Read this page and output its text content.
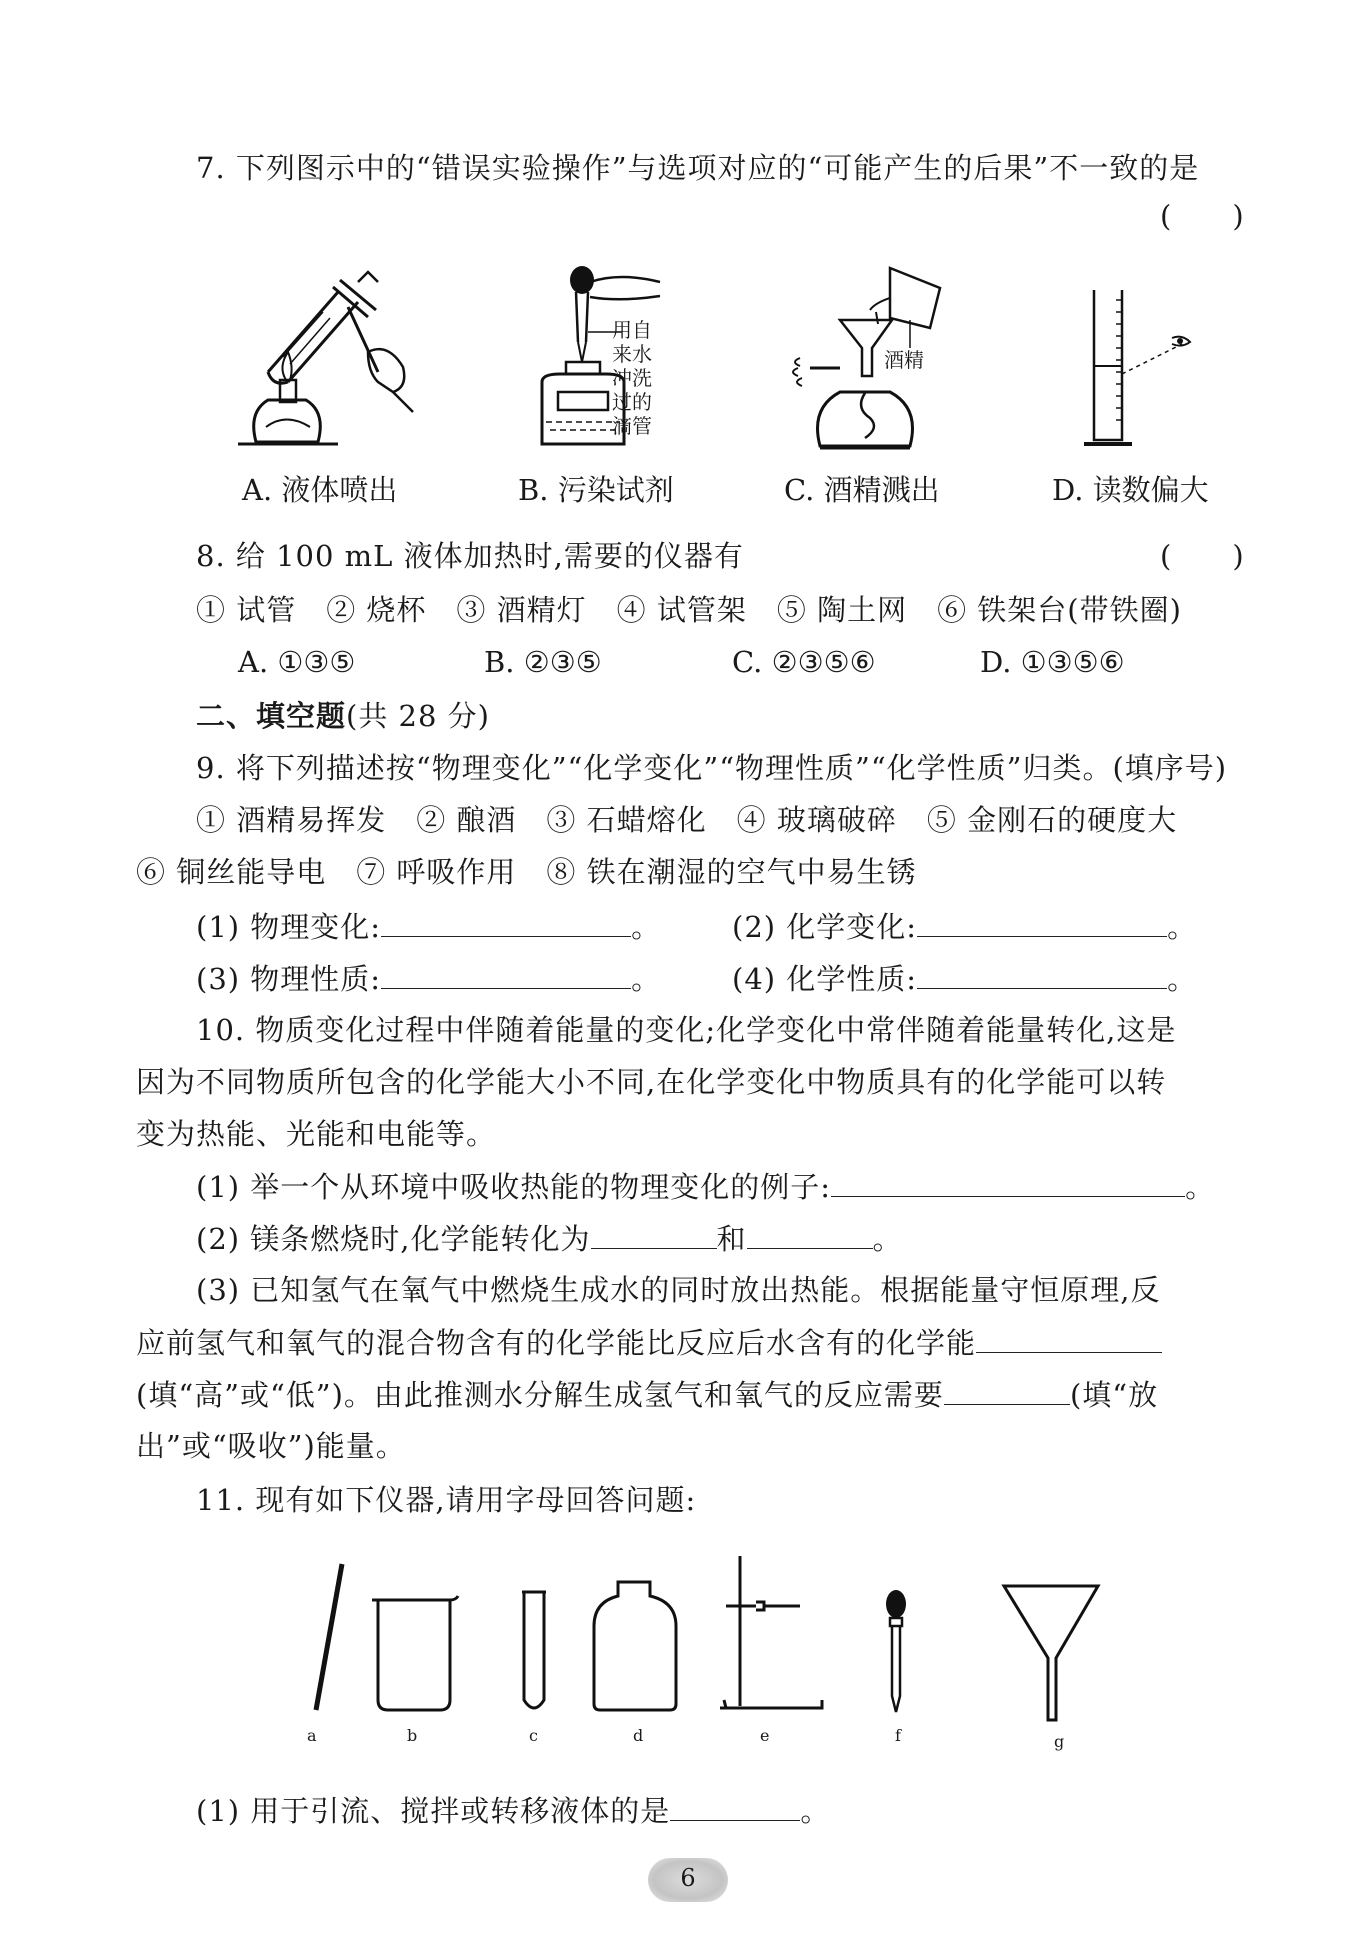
7. 下列图示中的“错误实验操作”与选项对应的“可能产生的后果”不一致的是
(　　)
用自
来水
冲洗
过的
滴管
酒精
A. 液体喷出	B. 污染试剂	C. 酒精溅出	D. 读数偏大
8. 给 100 mL 液体加热时,需要的仪器有	(　　)
① 试管　② 烧杯　③ 酒精灯　④ 试管架　⑤ 陶土网　⑥ 铁架台(带铁圈)
A. ①③⑤	B. ②③⑤	C. ②③⑤⑥	D. ①③⑤⑥
二、填空题(共 28 分)
9. 将下列描述按“物理变化”“化学变化”“物理性质”“化学性质”归类。(填序号)
① 酒精易挥发　② 酿酒　③ 石蜡熔化　④ 玻璃破碎　⑤ 金刚石的硬度大
⑥ 铜丝能导电　⑦ 呼吸作用　⑧ 铁在潮湿的空气中易生锈
(1) 物理变化:	。 (2) 化学变化:	。
(3) 物理性质:	。 (4) 化学性质:	。
10. 物质变化过程中伴随着能量的变化;化学变化中常伴随着能量转化,这是
因为不同物质所包含的化学能大小不同,在化学变化中物质具有的化学能可以转
变为热能、光能和电能等。
(1) 举一个从环境中吸收热能的物理变化的例子:	。
(2) 镁条燃烧时,化学能转化为	和	。
(3) 已知氢气在氧气中燃烧生成水的同时放出热能。根据能量守恒原理,反
应前氢气和氧气的混合物含有的化学能比反应后水含有的化学能
(填“高”或“低”)。由此推测水分解生成氢气和氧气的反应需要	(填“放
出”或“吸收”)能量。
11. 现有如下仪器,请用字母回答问题:
a	b	c	d	e	f	g
(1) 用于引流、搅拌或转移液体的是	。
6
